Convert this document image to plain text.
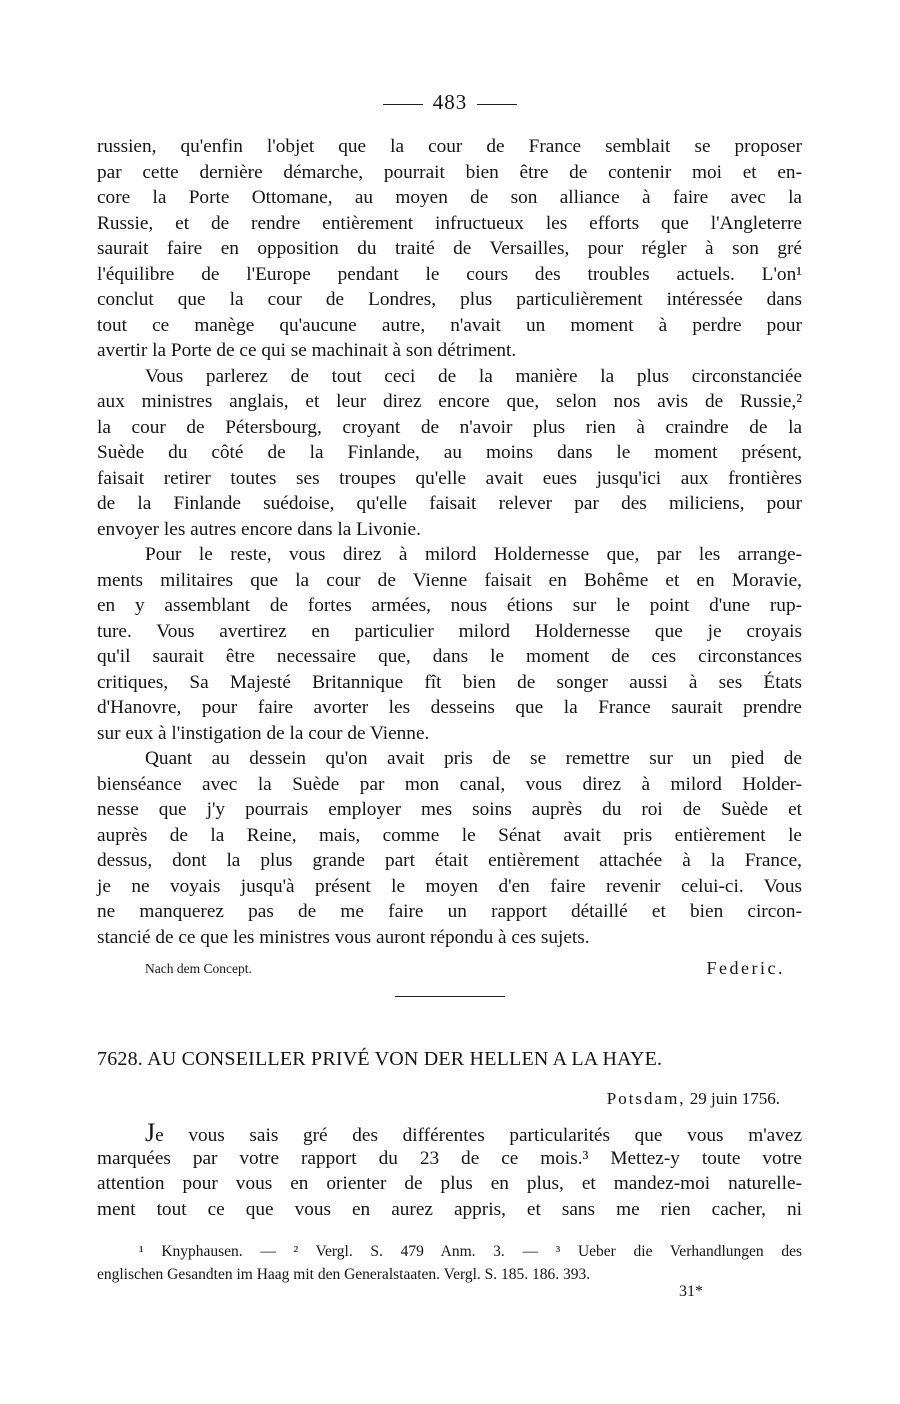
483
russien, qu'enfin l'objet que la cour de France semblait se proposer
par cette dernière démarche, pourrait bien être de contenir moi et en-
core la Porte Ottomane, au moyen de son alliance à faire avec la
Russie, et de rendre entièrement infructueux les efforts que l'Angleterre
saurait faire en opposition du traité de Versailles, pour régler à son gré
l'équilibre de l'Europe pendant le cours des troubles actuels. L'on¹
conclut que la cour de Londres, plus particulièrement intéressée dans
tout ce manège qu'aucune autre, n'avait un moment à perdre pour
avertir la Porte de ce qui se machinait à son détriment.
Vous parlerez de tout ceci de la manière la plus circonstanciée
aux ministres anglais, et leur direz encore que, selon nos avis de Russie,²
la cour de Pétersbourg, croyant de n'avoir plus rien à craindre de la
Suède du côté de la Finlande, au moins dans le moment présent,
faisait retirer toutes ses troupes qu'elle avait eues jusqu'ici aux frontières
de la Finlande suédoise, qu'elle faisait relever par des miliciens, pour
envoyer les autres encore dans la Livonie.
Pour le reste, vous direz à milord Holdernesse que, par les arrange-
ments militaires que la cour de Vienne faisait en Bohême et en Moravie,
en y assemblant de fortes armées, nous étions sur le point d'une rup-
ture. Vous avertirez en particulier milord Holdernesse que je croyais
qu'il saurait être necessaire que, dans le moment de ces circonstances
critiques, Sa Majesté Britannique fît bien de songer aussi à ses États
d'Hanovre, pour faire avorter les desseins que la France saurait prendre
sur eux à l'instigation de la cour de Vienne.
Quant au dessein qu'on avait pris de se remettre sur un pied de
bienséance avec la Suède par mon canal, vous direz à milord Holder-
nesse que j'y pourrais employer mes soins auprès du roi de Suède et
auprès de la Reine, mais, comme le Sénat avait pris entièrement le
dessus, dont la plus grande part était entièrement attachée à la France,
je ne voyais jusqu'à présent le moyen d'en faire revenir celui-ci. Vous
ne manquerez pas de me faire un rapport détaillé et bien circon-
stancié de ce que les ministres vous auront répondu à ces sujets.
Nach dem Concept.	Federic.
7628. AU CONSEILLER PRIVÉ VON DER HELLEN A LA HAYE.
Potsdam, 29 juin 1756.
Je vous sais gré des différentes particularités que vous m'avez
marquées par votre rapport du 23 de ce mois.³ Mettez-y toute votre
attention pour vous en orienter de plus en plus, et mandez-moi naturelle-
ment tout ce que vous en aurez appris, et sans me rien cacher, ni
¹ Knyphausen. — ² Vergl. S. 479 Anm. 3. — ³ Ueber die Verhandlungen des
englischen Gesandten im Haag mit den Generalstaaten. Vergl. S. 185. 186. 393.
31*
